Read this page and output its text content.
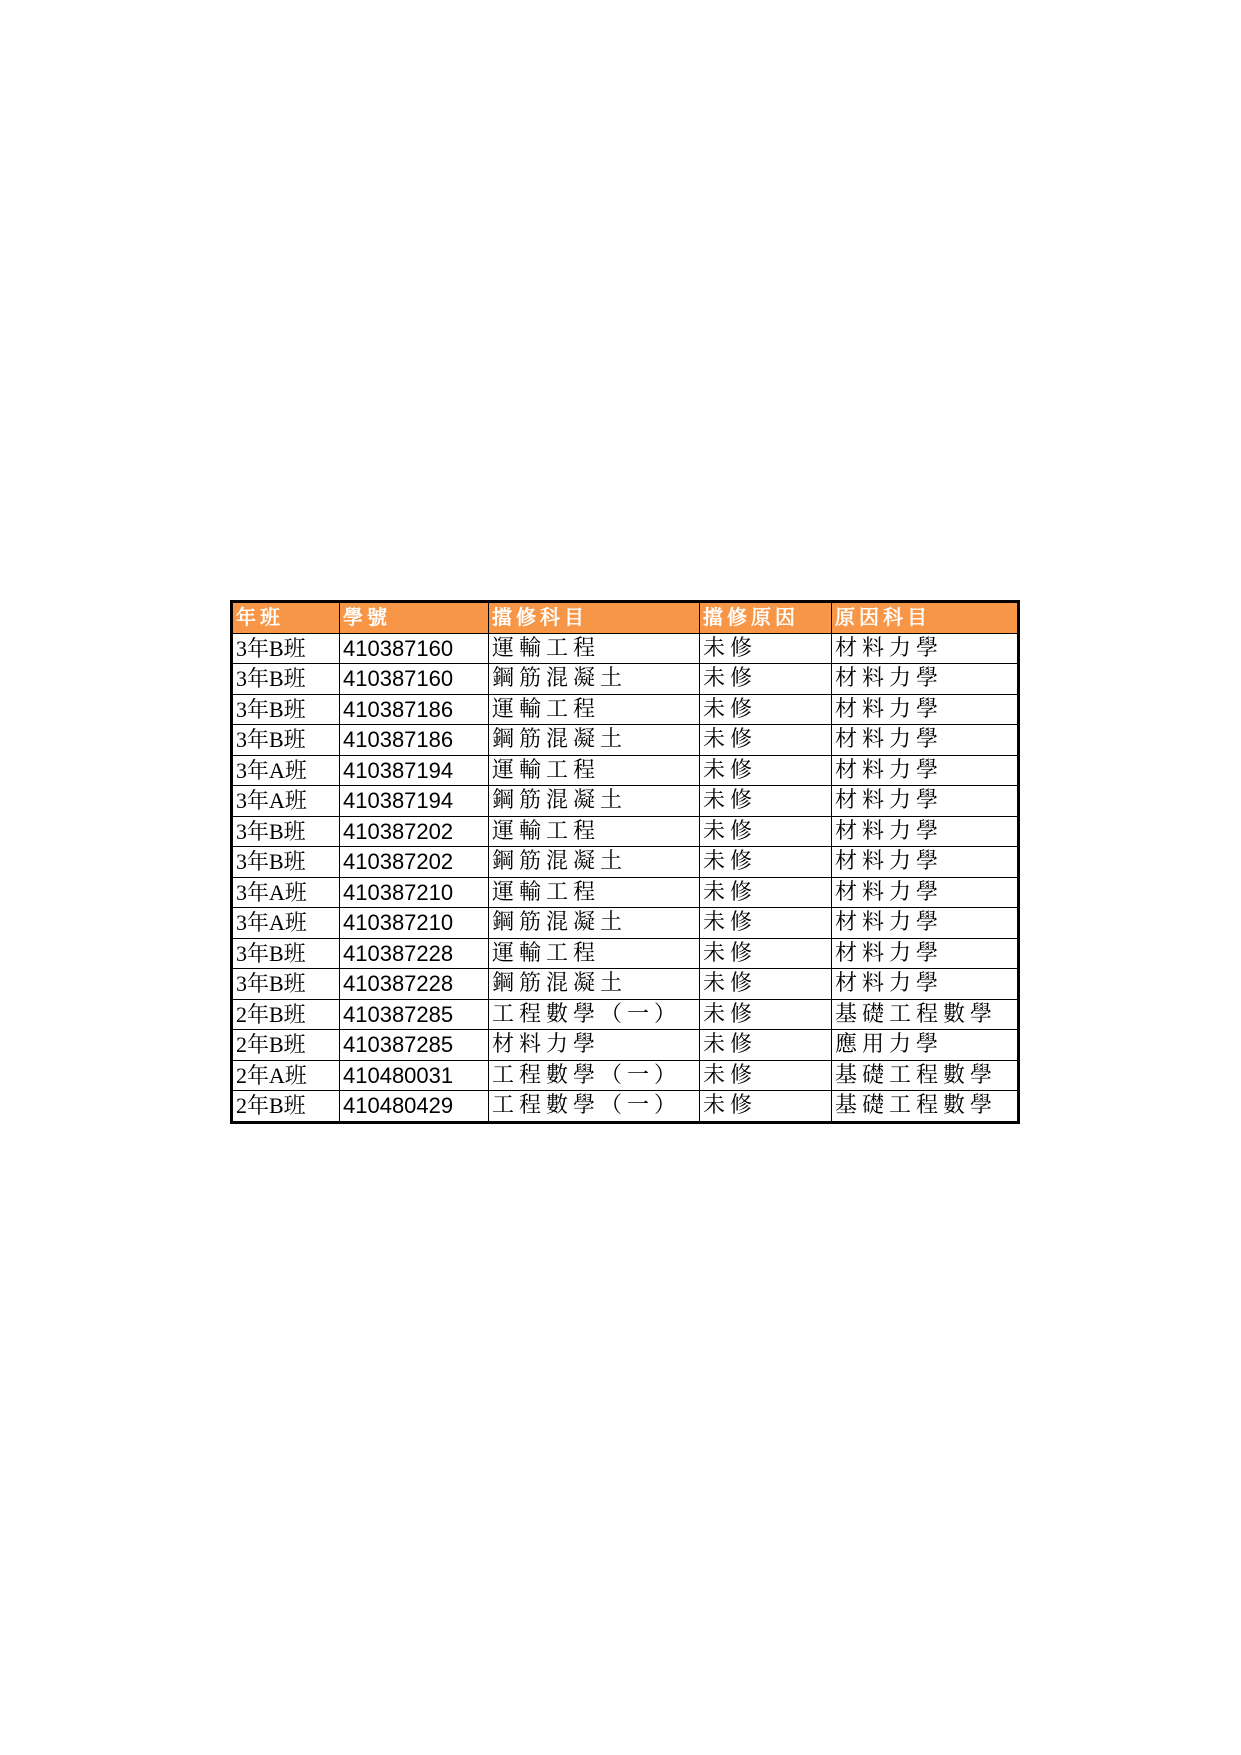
年班	學號	擋修科目	擋修原因	原因科目
3年B班	410387160	運輸工程	未修	材料力學
3年B班	410387160	鋼筋混凝土	未修	材料力學
3年B班	410387186	運輸工程	未修	材料力學
3年B班	410387186	鋼筋混凝土	未修	材料力學
3年A班	410387194	運輸工程	未修	材料力學
3年A班	410387194	鋼筋混凝土	未修	材料力學
3年B班	410387202	運輸工程	未修	材料力學
3年B班	410387202	鋼筋混凝土	未修	材料力學
3年A班	410387210	運輸工程	未修	材料力學
3年A班	410387210	鋼筋混凝土	未修	材料力學
3年B班	410387228	運輸工程	未修	材料力學
3年B班	410387228	鋼筋混凝土	未修	材料力學
2年B班	410387285	工程數學（一）	未修	基礎工程數學
2年B班	410387285	材料力學	未修	應用力學
2年A班	410480031	工程數學（一）	未修	基礎工程數學
2年B班	410480429	工程數學（一）	未修	基礎工程數學
